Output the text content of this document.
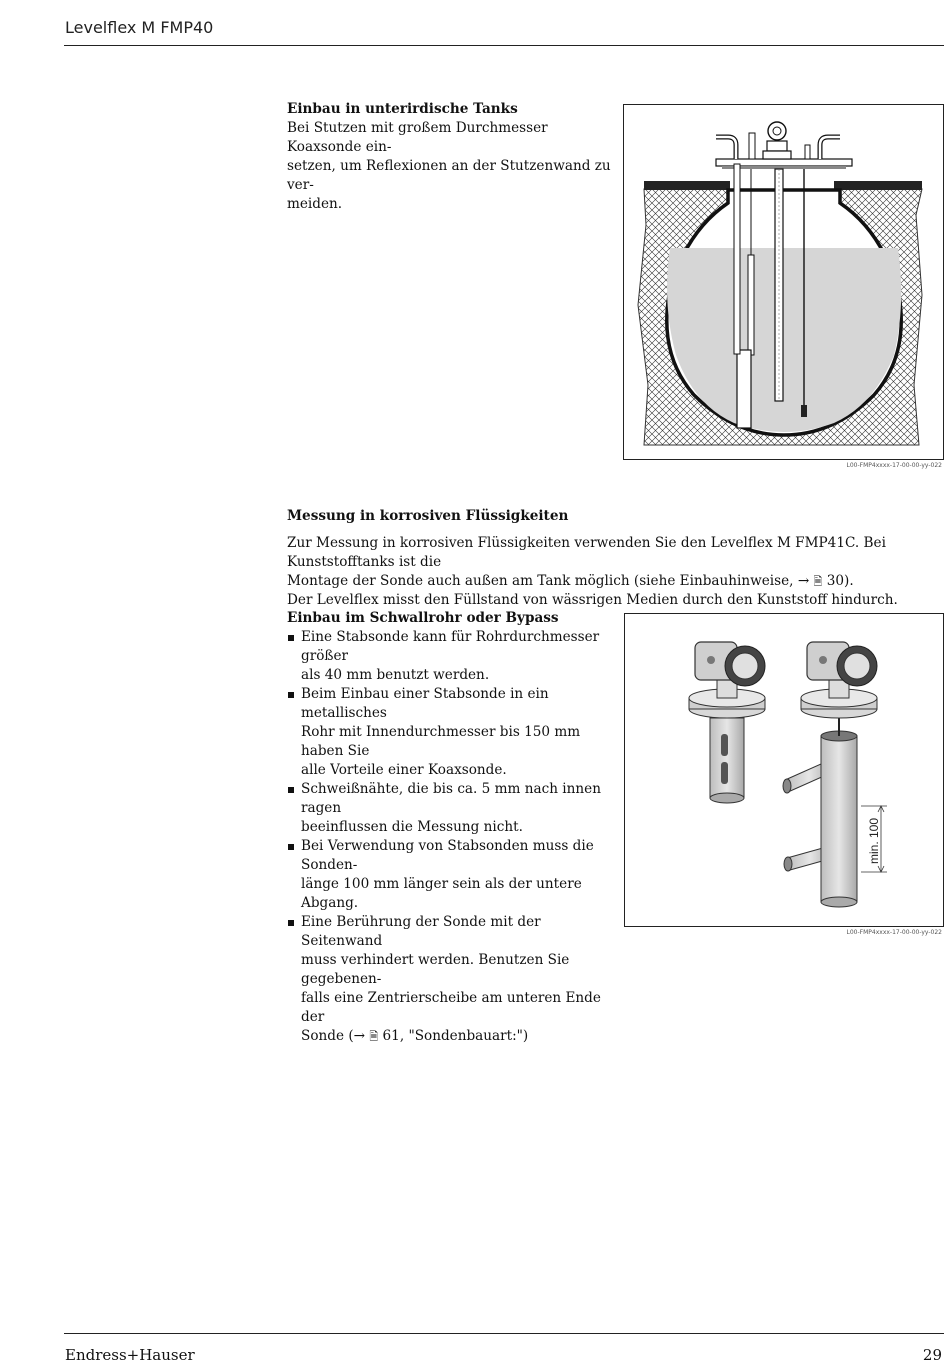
Levelflex M FMP40
Einbau in unterirdische Tanks

Bei Stutzen mit großem Durchmesser Koaxsonde ein-

setzen, um Reflexionen an der Stutzenwand zu ver-

meiden.

L00-FMP4xxxx-17-00-00-yy-022
Messung in korrosiven Flüssigkeiten

Zur Messung in korrosiven Flüssigkeiten verwenden Sie den Levelflex M FMP41C. Bei Kunststofftanks ist die

Montage der Sonde auch außen am Tank möglich (siehe Einbauhinweise, → 🗎 30).

Der Levelflex misst den Füllstand von wässrigen Medien durch den Kunststoff hindurch.

Einbau im Schwallrohr oder Bypass
Eine Stabsonde kann für Rohrdurchmesser größer
als 40 mm benutzt werden.
Beim Einbau einer Stabsonde in ein metallisches
Rohr mit Innendurchmesser bis 150 mm haben Sie
alle Vorteile einer Koaxsonde.
Schweißnähte, die bis ca. 5 mm nach innen ragen
beeinflussen die Messung nicht.
Bei Verwendung von Stabsonden muss die Sonden-
länge 100 mm länger sein als der untere Abgang.
Eine Berührung der Sonde mit der Seitenwand
muss verhindert werden. Benutzen Sie gegebenen-
falls eine Zentrierscheibe am unteren Ende der
Sonde (→ 🗎 61, "Sondenbauart:")
min. 100
L00-FMP4xxxx-17-00-00-yy-022
Endress+Hauser	29
